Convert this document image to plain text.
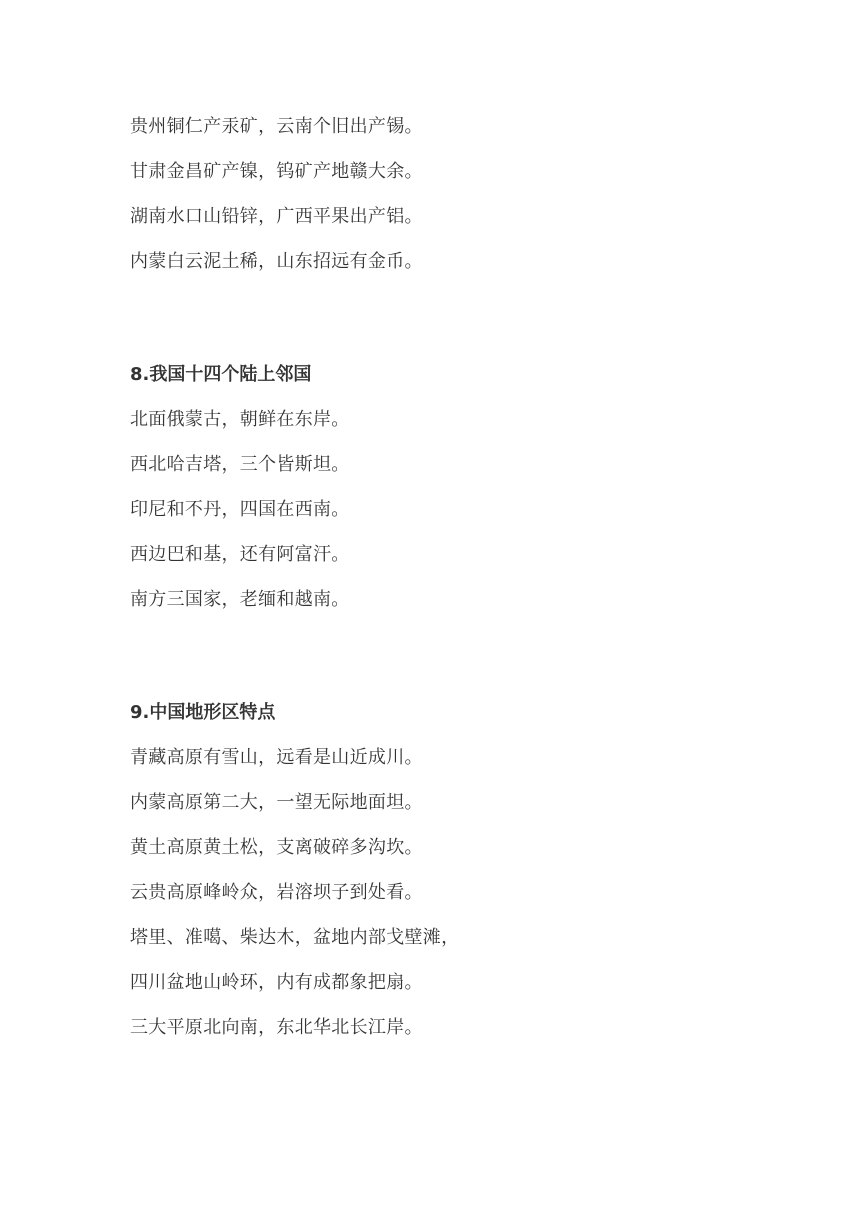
贵州铜仁产汞矿，云南个旧出产锡。
甘肃金昌矿产镍，钨矿产地赣大余。
湖南水口山铅锌，广西平果出产铝。
内蒙白云泥土稀，山东招远有金币。
8.我国十四个陆上邻国
北面俄蒙古，朝鲜在东岸。
西北哈吉塔，三个皆斯坦。
印尼和不丹，四国在西南。
西边巴和基，还有阿富汗。
南方三国家，老缅和越南。
9.中国地形区特点
青藏高原有雪山，远看是山近成川。
内蒙高原第二大，一望无际地面坦。
黄土高原黄土松，支离破碎多沟坎。
云贵高原峰岭众，岩溶坝子到处看。
塔里、准噶、柴达木，盆地内部戈壁滩，
四川盆地山岭环，内有成都象把扇。
三大平原北向南，东北华北长江岸。
